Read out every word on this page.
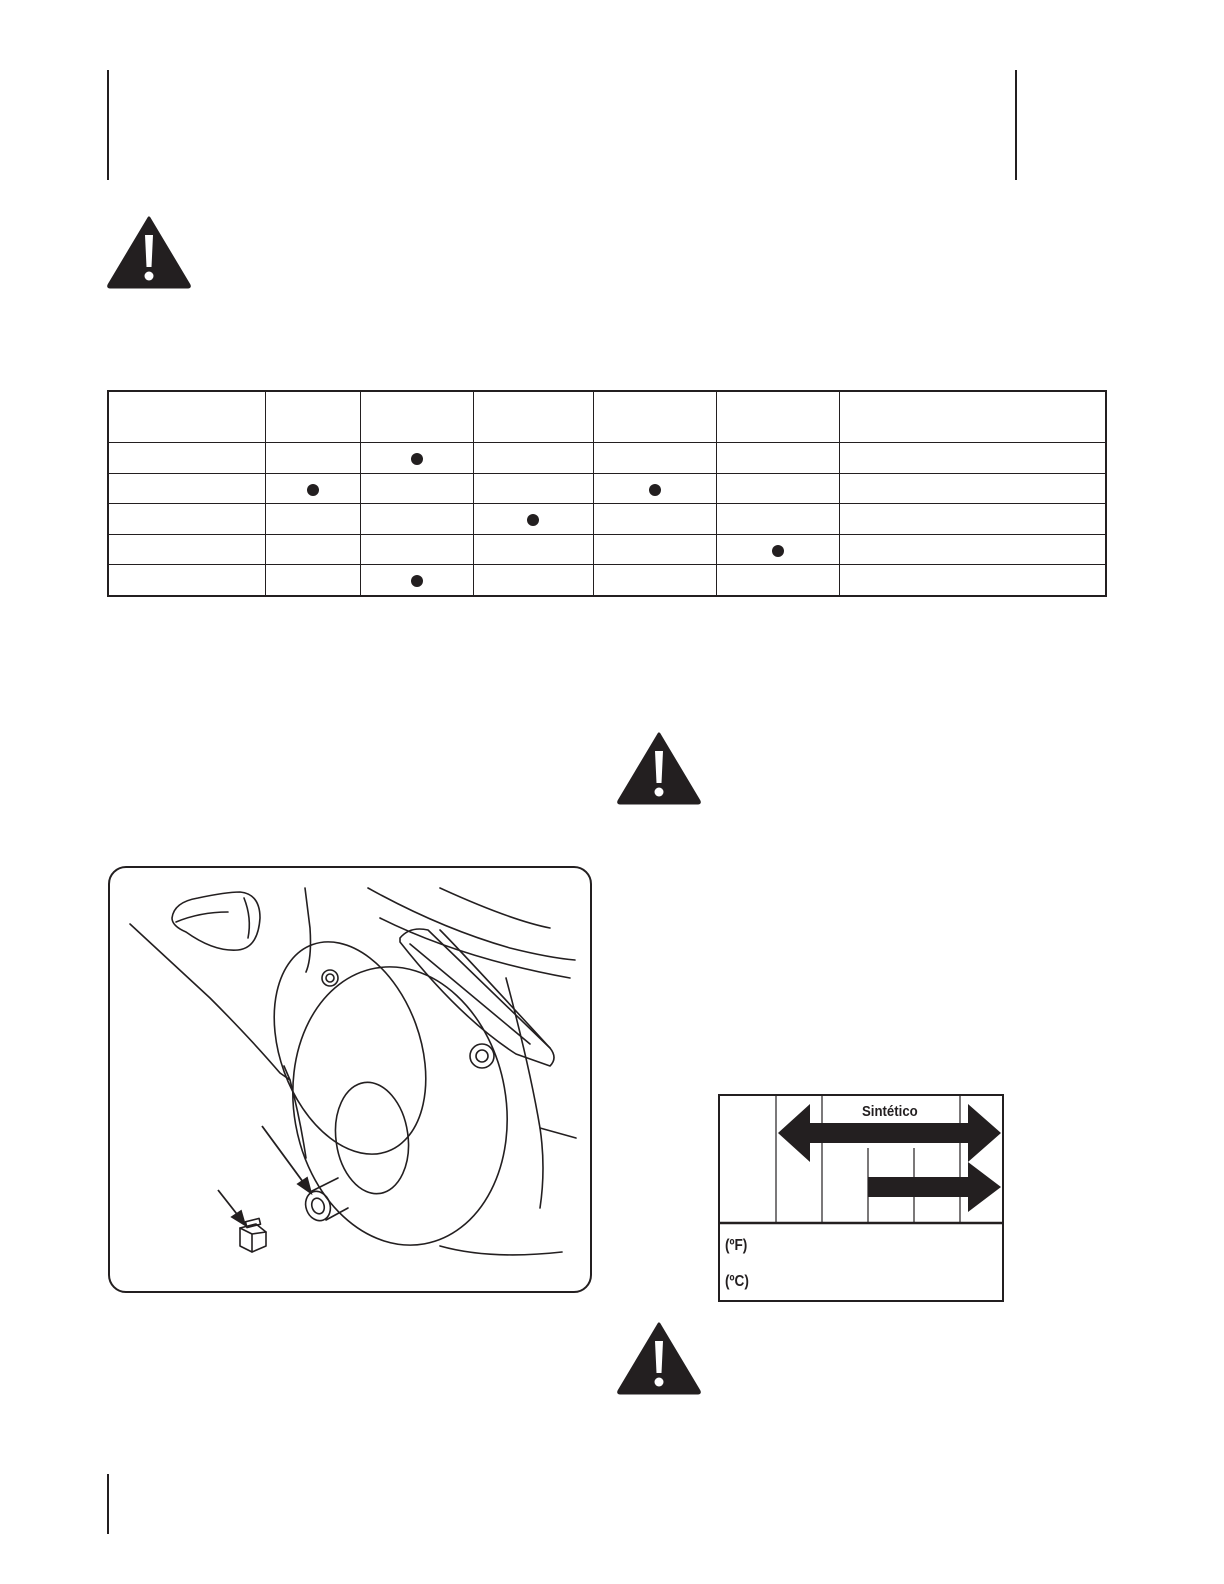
Sintético
(ºF)
(ºC)
